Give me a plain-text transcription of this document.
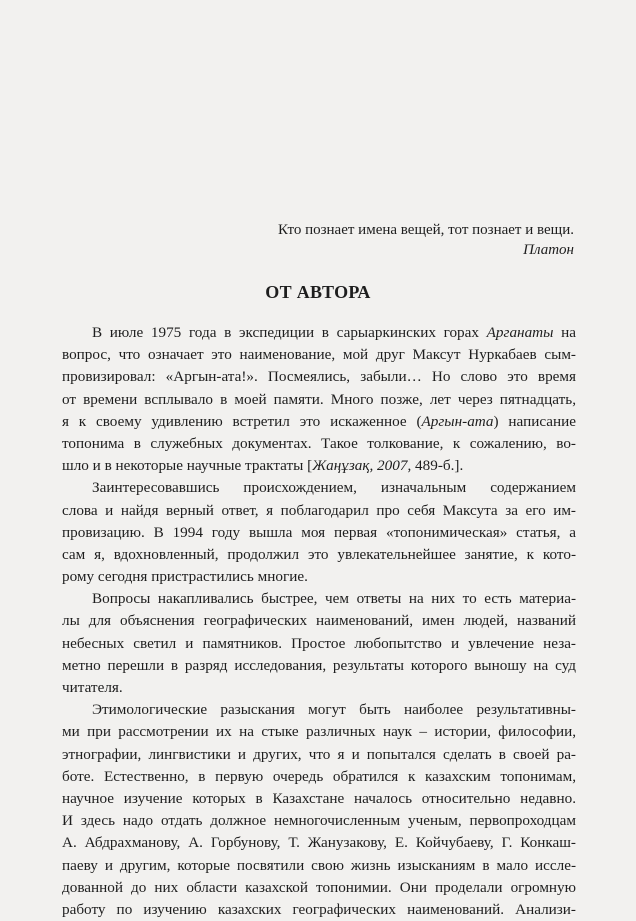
Кто познает имена вещей, тот познает и вещи.
Платон
ОТ АВТОРА
В июле 1975 года в экспедиции в сарыаркинских горах Арганаты на
вопрос, что означает это наименование, мой друг Максут Нуркабаев сым-
провизировал: «Аргын-ата!». Посмеялись, забыли… Но слово это время
от времени всплывало в моей памяти. Много позже, лет через пятнадцать,
я к своему удивлению встретил это искаженное (Аргын-ата) написание
топонима в служебных документах. Такое толкование, к сожалению, во-
шло и в некоторые научные трактаты [Жаңұзақ, 2007, 489-б.].
Заинтересовавшись происхождением, изначальным содержанием
слова и найдя верный ответ, я поблагодарил про себя Максута за его им-
провизацию. В 1994 году вышла моя первая «топонимическая» статья, а
сам я, вдохновленный, продолжил это увлекательнейшее занятие, к кото-
рому сегодня пристрастились многие.
Вопросы накапливались быстрее, чем ответы на них то есть материа-
лы для объяснения географических наименований, имен людей, названий
небесных светил и памятников. Простое любопытство и увлечение неза-
метно перешли в разряд исследования, результаты которого выношу на суд
читателя.
Этимологические разыскания могут быть наиболее результативны-
ми при рассмотрении их на стыке различных наук – истории, философии,
этнографии, лингвистики и других, что я и попытался сделать в своей ра-
боте. Естественно, в первую очередь обратился к казахским топонимам,
научное изучение которых в Казахстане началось относительно недавно.
И здесь надо отдать должное немногочисленным ученым, первопроходцам
А. Абдрахманову, А. Горбунову, Т. Жанузакову, Е. Койчубаеву, Г. Конкаш-
паеву и другим, которые посвятили свою жизнь изысканиям в мало иссле-
дованной до них области казахской топонимии. Они проделали огромную
работу по изучению казахских географических наименований. Анализи-
